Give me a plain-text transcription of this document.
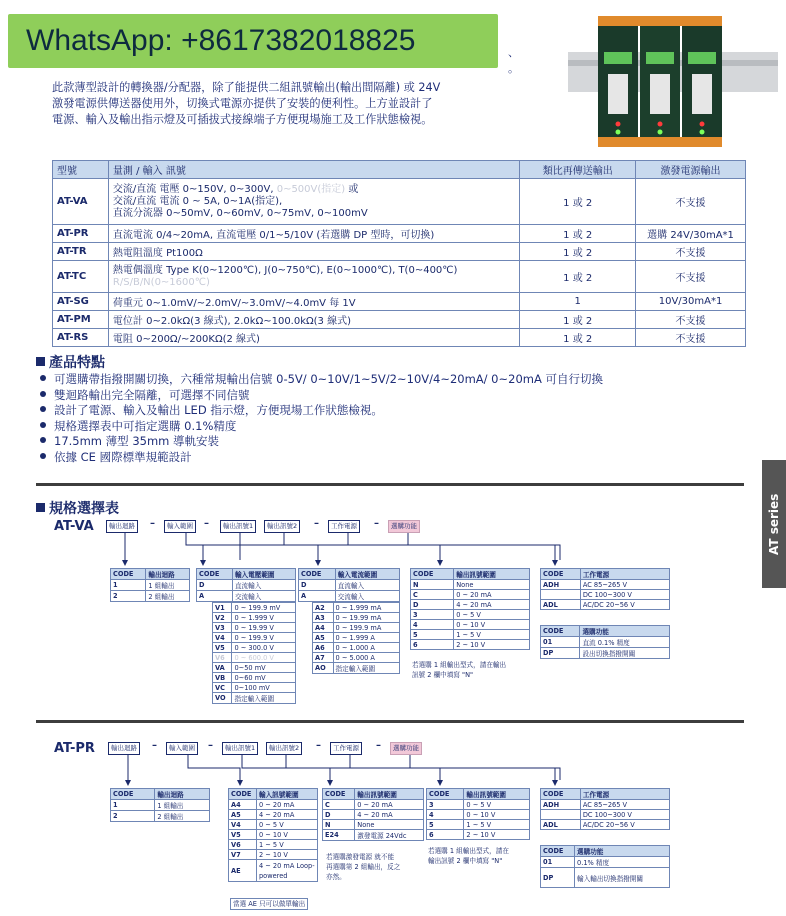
WhatsApp: +8617382018825	、
。
此款薄型設計的轉換器/分配器，除了能提供二組訊號輸出(輸出間隔離) 或 24V
激發電源供傳送器使用外，切換式電源亦提供了安裝的便利性。上方並設計了
電源、輸入及輸出指示燈及可插拔式接線端子方便現場施工及工作狀態檢視。
型號	量測 / 輸入 訊號	類比再傳送輸出	激發電源輸出
AT-VA	交流/直流 電壓 0~150V, 0~300V, 0~500V(指定) 或
交流/直流 電流 0 ~ 5A, 0~1A(指定),
直流分流器 0~50mV, 0~60mV, 0~75mV, 0~100mV	1 或 2	不支援
AT-PR	直流電流 0/4~20mA, 直流電壓 0/1~5/10V (若選購 DP 型時，可切換)	1 或 2	選購 24V/30mA*1
AT-TR	熱電阻溫度 Pt100Ω	1 或 2	不支援
AT-TC	熱電偶溫度 Type K(0~1200℃), J(0~750℃), E(0~1000℃), T(0~400℃)
R/S/B/N(0~1600℃)	1 或 2	不支援
AT-SG	荷重元 0~1.0mV/~2.0mV/~3.0mV/~4.0mV 每 1V	1	10V/30mA*1
AT-PM	電位計 0~2.0kΩ(3 線式), 2.0kΩ~100.0kΩ(3 線式)	1 或 2	不支援
AT-RS	電阻 0~200Ω/~200KΩ(2 線式)	1 或 2	不支援
產品特點
可選購帶指撥開關切換，六種常規輸出信號 0-5V/ 0~10V/1~5V/2~10V/4~20mA/ 0~20mA 可自行切換
雙迴路輸出完全隔離，可選擇不同信號
設計了電源、輸入及輸出 LED 指示燈，方便現場工作狀態檢視。
規格選擇表中可指定選購 0.1%精度
17.5mm 薄型 35mm 導軌安裝
依據 CE 國際標準規範設計
AT series
規格選擇表
AT-VA	輸出迴路	–	輸入範圍	–	輸出訊號1	輸出訊號2	–	工作電源	–	選購功能
CODE	輸出迴路
1	1 組輸出
2	2 組輸出
CODE	輸入電壓範圍
D	直流輸入
A	交流輸入
V1	0 ~ 199.9 mV
V2	0 ~ 1.999 V
V3	0 ~ 19.99 V
V4	0 ~ 199.9 V
V5	0 ~ 300.0 V
V6	0 ~ 600.0 V
VA	0~50 mV
VB	0~60 mV
VC	0~100 mV
VO	指定輸入範圍
CODE	輸入電流範圍
D	直流輸入
A	交流輸入
A2	0 ~ 1.999 mA
A3	0 ~ 19.99 mA
A4	0 ~ 199.9 mA
A5	0 ~ 1.999 A
A6	0 ~ 1.000 A
A7	0 ~ 5.000 A
AO	指定輸入範圍
CODE	輸出訊號範圍
N	None
C	0 ~ 20 mA
D	4 ~ 20 mA
3	0 ~ 5 V
4	0 ~ 10 V
5	1 ~ 5 V
6	2 ~ 10 V
若選購 1 組輸出型式，請在輸出
訊號 2 欄中填寫 "N"
CODE	工作電源
ADH	AC 85~265 V
	DC 100~300 V
ADL	AC/DC 20~56 V
CODE	選購功能
01	直流 0.1% 精度
DP	設出切換指撥開關
AT-PR	輸出迴路	–	輸入範圍	–	輸出訊號1	輸出訊號2	–	工作電源	–	選購功能
CODE	輸出迴路
1	1 組輸出
2	2 組輸出
CODE	輸入訊號範圍
A4	0 ~ 20 mA
A5	4 ~ 20 mA
V4	0 ~ 5 V
V5	0 ~ 10 V
V6	1 ~ 5 V
V7	2 ~ 10 V
AE	4 ~ 20 mA Loop-powered
當選 AE 只可以做單輸出
CODE	輸出訊號範圍
C	0 ~ 20 mA
D	4 ~ 20 mA
N	None
E24	激發電源 24Vdc
若選購激發電源 就不能
再選購第 2 組輸出，反之
亦然。
CODE	輸出訊號範圍
3	0 ~ 5 V
4	0 ~ 10 V
5	1 ~ 5 V
6	2 ~ 10 V
若選購 1 組輸出型式，請在
輸出訊號 2 欄中填寫 "N"
CODE	工作電源
ADH	AC 85~265 V
	DC 100~300 V
ADL	AC/DC 20~56 V
CODE	選購功能
01	0.1% 精度
DP	輸入輸出切換指撥開關
